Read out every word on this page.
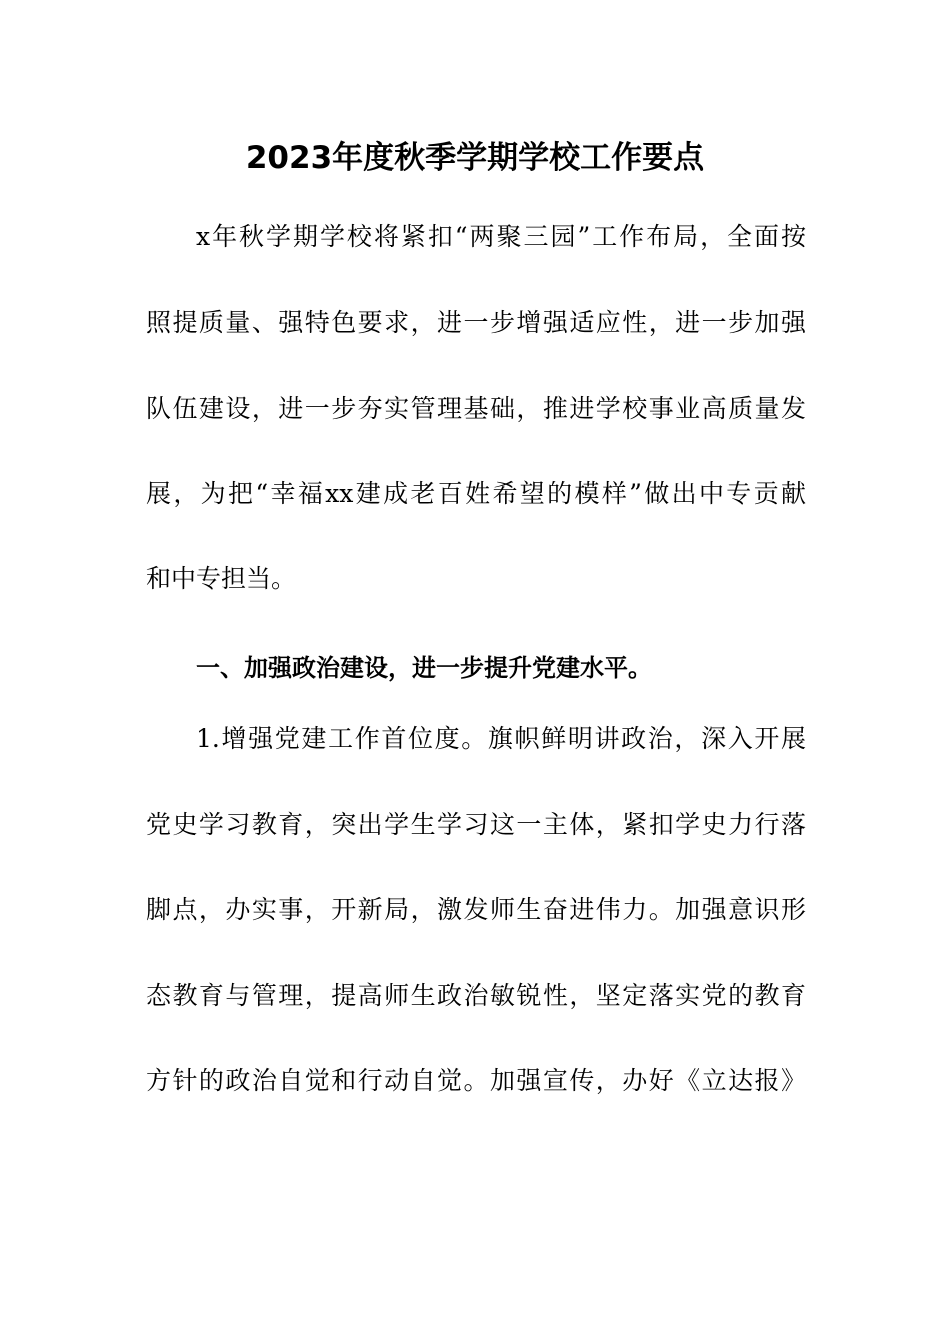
2023年度秋季学期学校工作要点
x年秋学期学校将紧扣“两聚三园”工作布局，全面按
照提质量、强特色要求，进一步增强适应性，进一步加强
队伍建设，进一步夯实管理基础，推进学校事业高质量发
展，为把“幸福xx建成老百姓希望的模样”做出中专贡献
和中专担当。
一、加强政治建设，进一步提升党建水平。
1.增强党建工作首位度。旗帜鲜明讲政治，深入开展
党史学习教育，突出学生学习这一主体，紧扣学史力行落
脚点，办实事，开新局，激发师生奋进伟力。加强意识形
态教育与管理，提高师生政治敏锐性，坚定落实党的教育
方针的政治自觉和行动自觉。加强宣传，办好《立达报》
